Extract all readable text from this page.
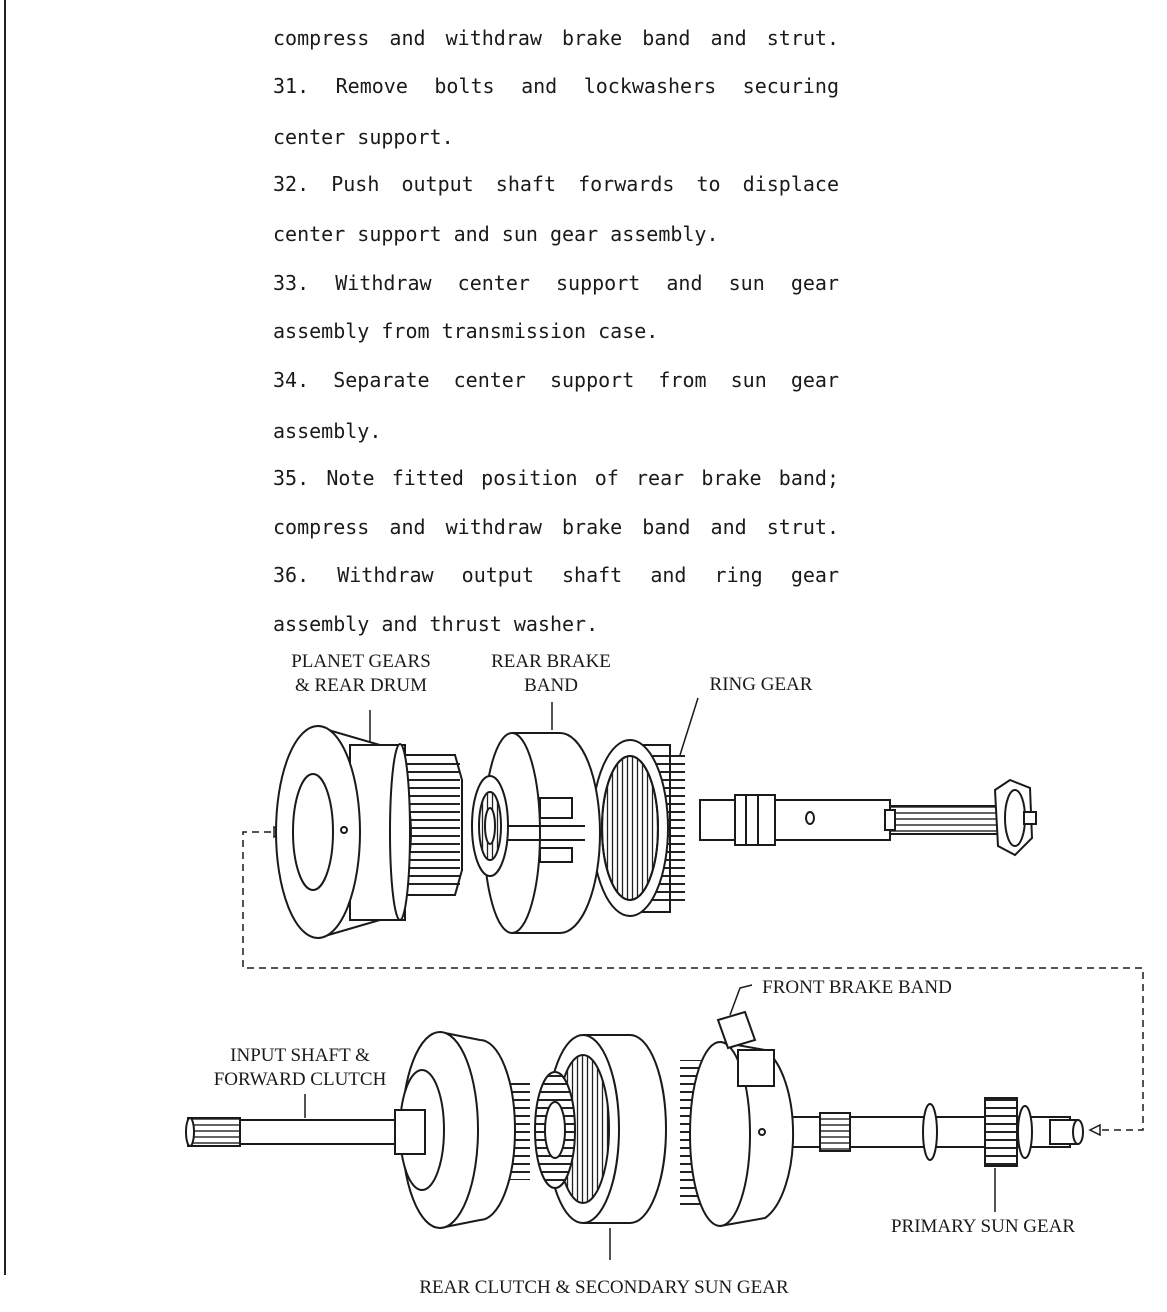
compress and withdraw brake band and strut.
31. Remove bolts and lockwashers securing
center support.
32. Push output shaft forwards to displace
center support and sun gear assembly.
33. Withdraw center support and sun gear
assembly from transmission case.
34. Separate center support from sun gear
assembly.
35. Note fitted position of rear brake band;
compress and withdraw brake band and strut.
36. Withdraw output shaft and ring gear
assembly and thrust washer.
PLANET GEARS
& REAR DRUM
REAR BRAKE
BAND	RING GEAR
FRONT BRAKE BAND
INPUT SHAFT &
FORWARD CLUTCH
PRIMARY SUN GEAR
REAR CLUTCH & SECONDARY SUN GEAR
